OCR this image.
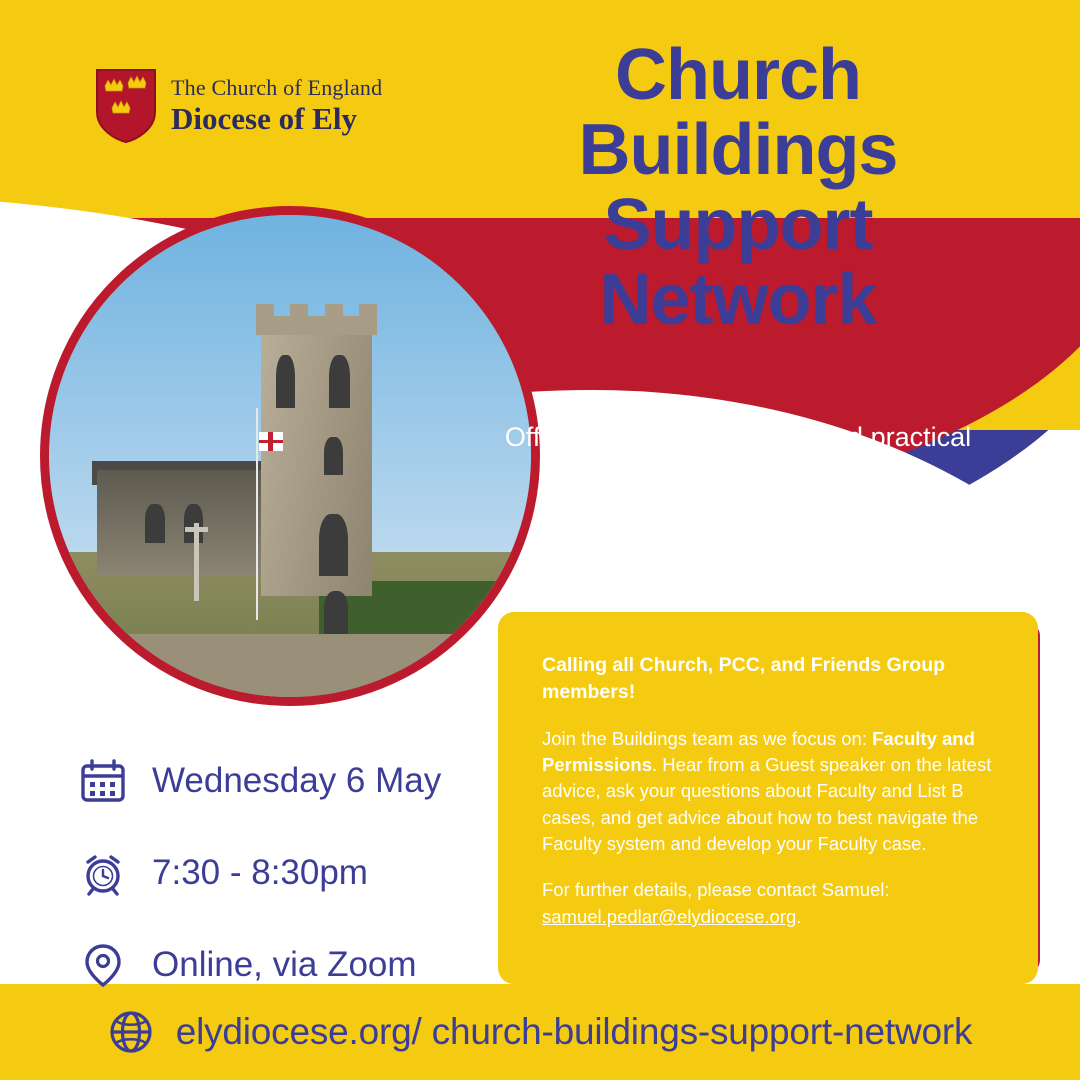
The Church of England
Diocese of Ely
Church Buildings Support Network
Offering advice, expertise and practical help with your church buildings.

Calling all Church, PCC, and Friends Group members!

Join the Buildings team as we focus on: Faculty and Permissions. Hear from a Guest speaker on the latest advice, ask your questions about Faculty and List B cases, and get advice about how to best navigate the Faculty system and develop your Faculty case.

For further details, please contact Samuel: samuel.pedlar@elydiocese.org.

Wednesday 6 May
7:30 - 8:30pm
Online, via Zoom
elydiocese.org/ church-buildings-support-network
